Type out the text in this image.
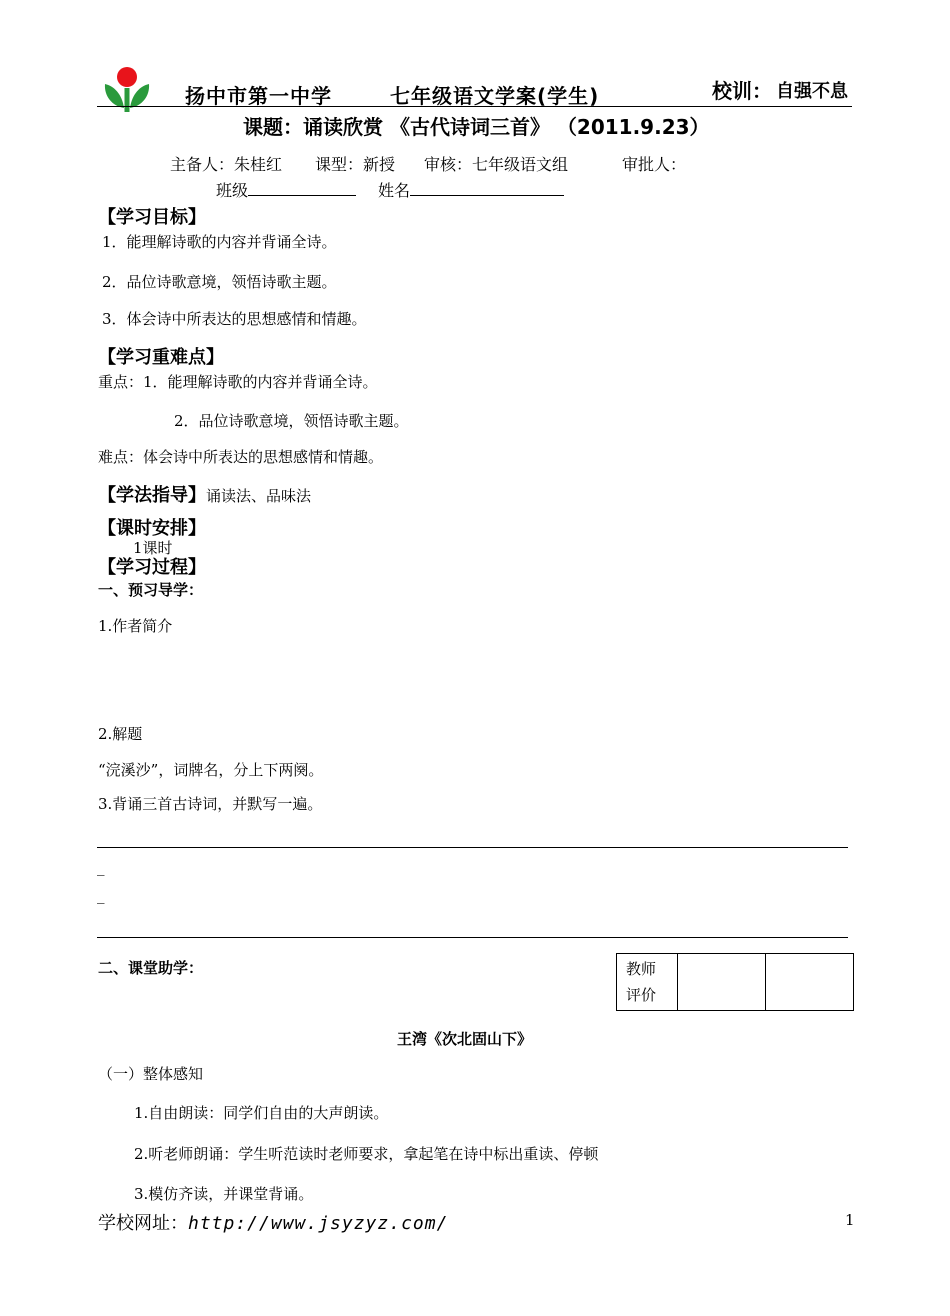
扬中市第一中学	七年级语文学案(学生)	校训： 自强不息
课题：诵读欣赏 《古代诗词三首》 （2011.9.23）
主备人：朱桂红 课型：新授 审核：七年级语文组	审批人：
班级	姓名
【学习目标】
1．能理解诗歌的内容并背诵全诗。
2．品位诗歌意境，领悟诗歌主题。
3．体会诗中所表达的思想感情和情趣。
【学习重难点】
重点：1．能理解诗歌的内容并背诵全诗。
2．品位诗歌意境，领悟诗歌主题。
难点：体会诗中所表达的思想感情和情趣。
【学法指导】诵读法、品味法
【课时安排】
1课时
【学习过程】
一、预习导学：
1.作者简介
2.解题
“浣溪沙”，词牌名，分上下两阕。
3.背诵三首古诗词，并默写一遍。
_
_
二、课堂助学：	教师评价

王湾《次北固山下》
（一）整体感知
1.自由朗读：同学们自由的大声朗读。
2.听老师朗诵：学生听范读时老师要求，拿起笔在诗中标出重读、停顿
3.模仿齐读，并课堂背诵。
学校网址：http://www.jsyzyz.com/	1
